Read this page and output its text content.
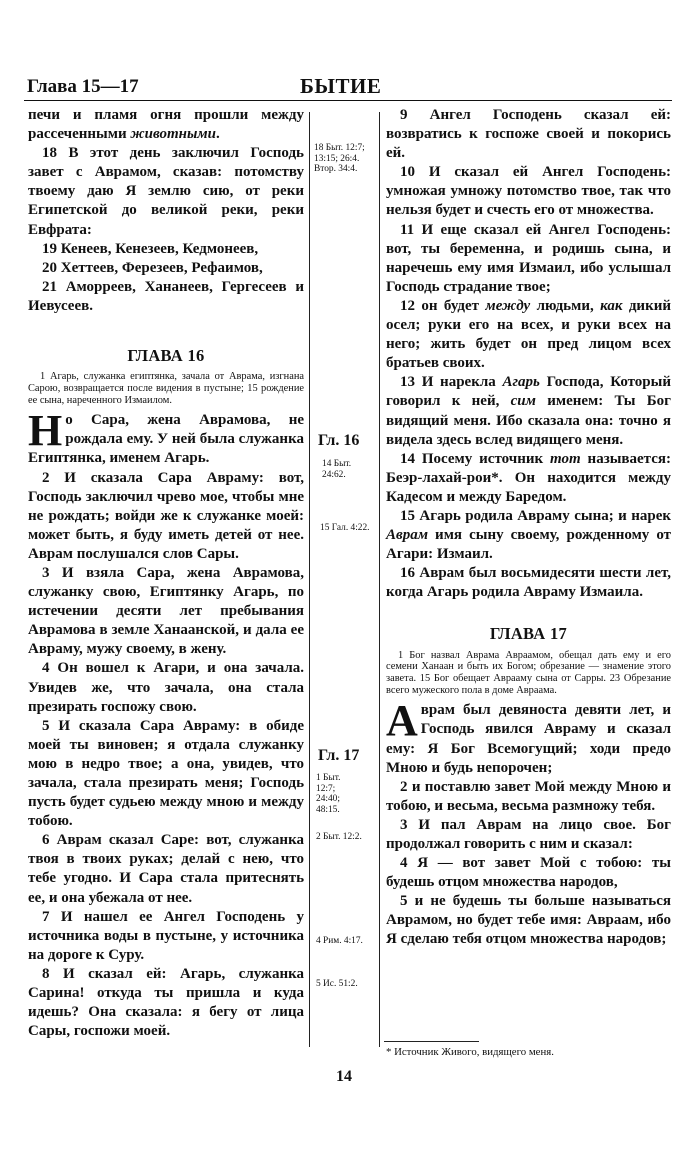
Глава 15—17	БЫТИЕ

печи и пламя огня прошли между рассеченными животными.

18 В этот день заключил Господь завет с Аврамом, сказав: потомству твоему даю Я землю сию, от реки Египетской до великой реки, реки Евфрата:

19 Кенеев, Кенезеев, Кедмонеев,

20 Хеттеев, Ферезеев, Рефаимов,

21 Аморреев, Хананеев, Гергесеев и Иевусеев.

ГЛАВА 16
1 Агарь, служанка египтянка, зачала от Аврама, изгнана Сарою, возвращается после видения в пустыне; 15 рождение ее сына, нареченного Измаилом.

Но Сара, жена Аврамова, не рождала ему. У ней была служанка Египтянка, именем Агарь.

2 И сказала Сара Авраму: вот, Господь заключил чрево мое, чтобы мне не рождать; войди же к служанке моей: может быть, я буду иметь детей от нее. Аврам послушался слов Сары.

3 И взяла Сара, жена Аврамова, служанку свою, Египтянку Агарь, по истечении десяти лет пребывания Аврамова в земле Ханаанской, и дала ее Авраму, мужу своему, в жену.

4 Он вошел к Агари, и она зачала. Увидев же, что зачала, она стала презирать госпожу свою.

5 И сказала Сара Авраму: в обиде моей ты виновен; я отдала служанку мою в недро твое; а она, увидев, что зачала, стала презирать меня; Господь пусть будет судьею между мною и между тобою.

6 Аврам сказал Саре: вот, служанка твоя в твоих руках; делай с нею, что тебе угодно. И Сара стала притеснять ее, и она убежала от нее.

7 И нашел ее Ангел Господень у источника воды в пустыне, у источника на дороге к Суру.

8 И сказал ей: Агарь, служанка Сарина! откуда ты пришла и куда идешь? Она сказала: я бегу от лица Сары, госпожи моей.

18 Быт. 12:7; 13:15; 26:4. Втор. 34:4.
Гл. 16
14 Быт. 24:62.
15 Гал. 4:22.
Гл. 17
1 Быт. 12:7; 24:40; 48:15.
2 Быт. 12:2.
4 Рим. 4:17.
5 Ис. 51:2.

9 Ангел Господень сказал ей: возвратись к госпоже своей и покорись ей.

10 И сказал ей Ангел Господень: умножая умножу потомство твое, так что нельзя будет и счесть его от множества.

11 И еще сказал ей Ангел Господень: вот, ты беременна, и родишь сына, и наречешь ему имя Измаил, ибо услышал Господь страдание твое;

12 он будет между людьми, как дикий осел; руки его на всех, и руки всех на него; жить будет он пред лицом всех братьев своих.

13 И нарекла Агарь Господа, Который говорил к ней, сим именем: Ты Бог видящий меня. Ибо сказала она: точно я видела здесь вслед видящего меня.

14 Посему источник тот называется: Беэр-лахай-рои*. Он находится между Кадесом и между Бaредом.

15 Агарь родила Авраму сына; и нарек Аврам имя сыну своему, рожденному от Агари: Измаил.

16 Аврам был восьмидесяти шести лет, когда Агарь родила Авраму Измаила.

ГЛАВА 17
1 Бог назвал Аврама Авраамом, обещал дать ему и его семени Ханаан и быть их Богом; обрезание — знамение этого завета. 15 Бог обещает Аврааму сына от Сарры. 23 Обрезание всего мужеского пола в доме Авраама.

Аврам был девяноста девяти лет, и Господь явился Авраму и сказал ему: Я Бог Всемогущий; ходи предо Мною и будь непорочен;

2 и поставлю завет Мой между Мною и тобою, и весьма, весьма размножу тебя.

3 И пал Аврам на лицо свое. Бог продолжал говорить с ним и сказал:

4 Я — вот завет Мой с тобою: ты будешь отцом множества народов,

5 и не будешь ты больше называться Аврамом, но будет тебе имя: Авраам, ибо Я сделаю тебя отцом множества народов;

* Источник Живого, видящего меня.
14
